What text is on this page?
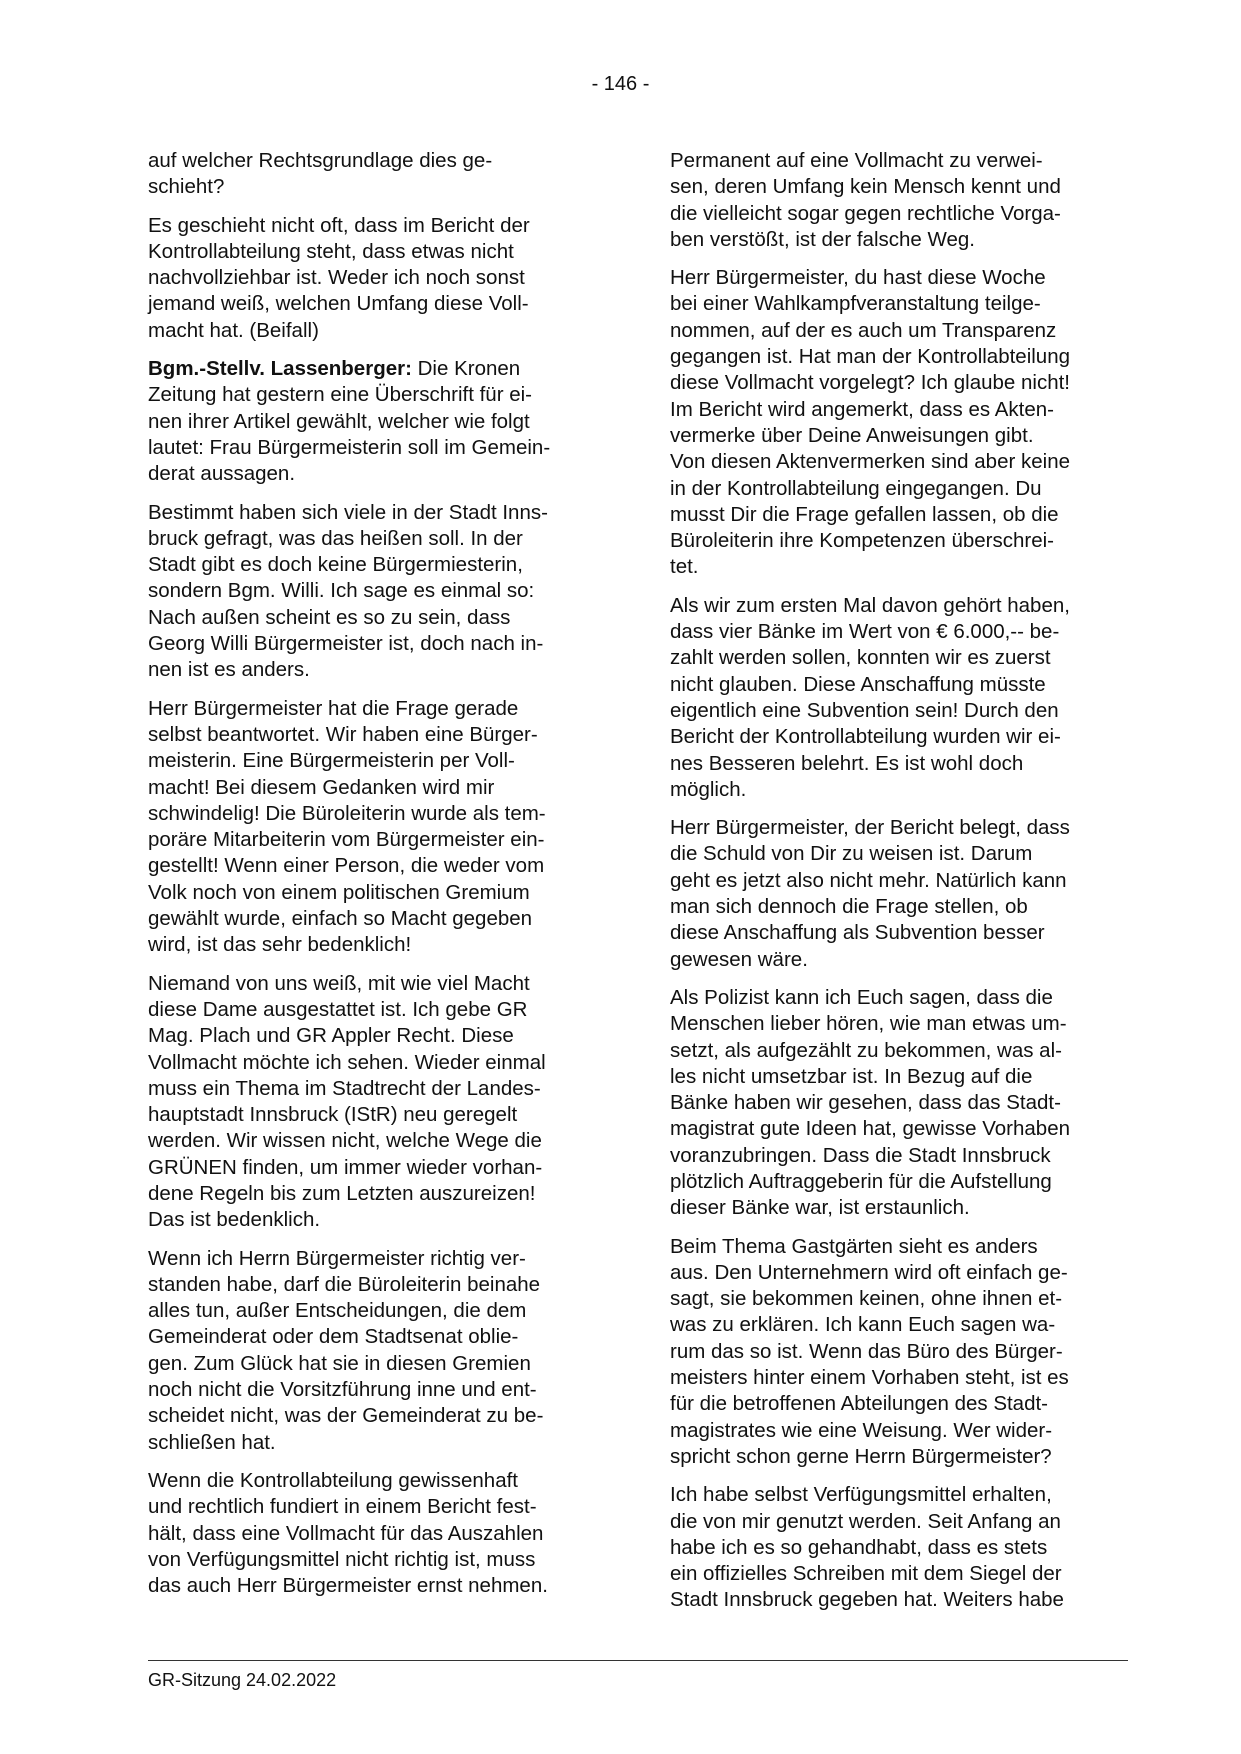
- 146 -

auf welcher Rechtsgrundlage dies ge-
schieht?

Es geschieht nicht oft, dass im Bericht der
Kontrollabteilung steht, dass etwas nicht
nachvollziehbar ist. Weder ich noch sonst
jemand weiß, welchen Umfang diese Voll-
macht hat. (Beifall)

Bgm.-Stellv. Lassenberger: Die Kronen
Zeitung hat gestern eine Überschrift für ei-
nen ihrer Artikel gewählt, welcher wie folgt
lautet: Frau Bürgermeisterin soll im Gemein-
derat aussagen.

Bestimmt haben sich viele in der Stadt Inns-
bruck gefragt, was das heißen soll. In der
Stadt gibt es doch keine Bürgermiesterin,
sondern Bgm. Willi. Ich sage es einmal so:
Nach außen scheint es so zu sein, dass
Georg Willi Bürgermeister ist, doch nach in-
nen ist es anders.

Herr Bürgermeister hat die Frage gerade
selbst beantwortet. Wir haben eine Bürger-
meisterin. Eine Bürgermeisterin per Voll-
macht! Bei diesem Gedanken wird mir
schwindelig! Die Büroleiterin wurde als tem-
poräre Mitarbeiterin vom Bürgermeister ein-
gestellt! Wenn einer Person, die weder vom
Volk noch von einem politischen Gremium
gewählt wurde, einfach so Macht gegeben
wird, ist das sehr bedenklich!

Niemand von uns weiß, mit wie viel Macht
diese Dame ausgestattet ist. Ich gebe GR
Mag. Plach und GR Appler Recht. Diese
Vollmacht möchte ich sehen. Wieder einmal
muss ein Thema im Stadtrecht der Landes-
hauptstadt Innsbruck (IStR) neu geregelt
werden. Wir wissen nicht, welche Wege die
GRÜNEN finden, um immer wieder vorhan-
dene Regeln bis zum Letzten auszureizen!
Das ist bedenklich.

Wenn ich Herrn Bürgermeister richtig ver-
standen habe, darf die Büroleiterin beinahe
alles tun, außer Entscheidungen, die dem
Gemeinderat oder dem Stadtsenat oblie-
gen. Zum Glück hat sie in diesen Gremien
noch nicht die Vorsitzführung inne und ent-
scheidet nicht, was der Gemeinderat zu be-
schließen hat.

Wenn die Kontrollabteilung gewissenhaft
und rechtlich fundiert in einem Bericht fest-
hält, dass eine Vollmacht für das Auszahlen
von Verfügungsmittel nicht richtig ist, muss
das auch Herr Bürgermeister ernst nehmen.

Permanent auf eine Vollmacht zu verwei-
sen, deren Umfang kein Mensch kennt und
die vielleicht sogar gegen rechtliche Vorga-
ben verstößt, ist der falsche Weg.

Herr Bürgermeister, du hast diese Woche
bei einer Wahlkampfveranstaltung teilge-
nommen, auf der es auch um Transparenz
gegangen ist. Hat man der Kontrollabteilung
diese Vollmacht vorgelegt? Ich glaube nicht!
Im Bericht wird angemerkt, dass es Akten-
vermerke über Deine Anweisungen gibt.
Von diesen Aktenvermerken sind aber keine
in der Kontrollabteilung eingegangen. Du
musst Dir die Frage gefallen lassen, ob die
Büroleiterin ihre Kompetenzen überschrei-
tet.

Als wir zum ersten Mal davon gehört haben,
dass vier Bänke im Wert von € 6.000,-- be-
zahlt werden sollen, konnten wir es zuerst
nicht glauben. Diese Anschaffung müsste
eigentlich eine Subvention sein! Durch den
Bericht der Kontrollabteilung wurden wir ei-
nes Besseren belehrt. Es ist wohl doch
möglich.

Herr Bürgermeister, der Bericht belegt, dass
die Schuld von Dir zu weisen ist. Darum
geht es jetzt also nicht mehr. Natürlich kann
man sich dennoch die Frage stellen, ob
diese Anschaffung als Subvention besser
gewesen wäre.

Als Polizist kann ich Euch sagen, dass die
Menschen lieber hören, wie man etwas um-
setzt, als aufgezählt zu bekommen, was al-
les nicht umsetzbar ist. In Bezug auf die
Bänke haben wir gesehen, dass das Stadt-
magistrat gute Ideen hat, gewisse Vorhaben
voranzubringen. Dass die Stadt Innsbruck
plötzlich Auftraggeberin für die Aufstellung
dieser Bänke war, ist erstaunlich.

Beim Thema Gastgärten sieht es anders
aus. Den Unternehmern wird oft einfach ge-
sagt, sie bekommen keinen, ohne ihnen et-
was zu erklären. Ich kann Euch sagen wa-
rum das so ist. Wenn das Büro des Bürger-
meisters hinter einem Vorhaben steht, ist es
für die betroffenen Abteilungen des Stadt-
magistrates wie eine Weisung. Wer wider-
spricht schon gerne Herrn Bürgermeister?

Ich habe selbst Verfügungsmittel erhalten,
die von mir genutzt werden. Seit Anfang an
habe ich es so gehandhabt, dass es stets
ein offizielles Schreiben mit dem Siegel der
Stadt Innsbruck gegeben hat. Weiters habe

GR-Sitzung 24.02.2022
